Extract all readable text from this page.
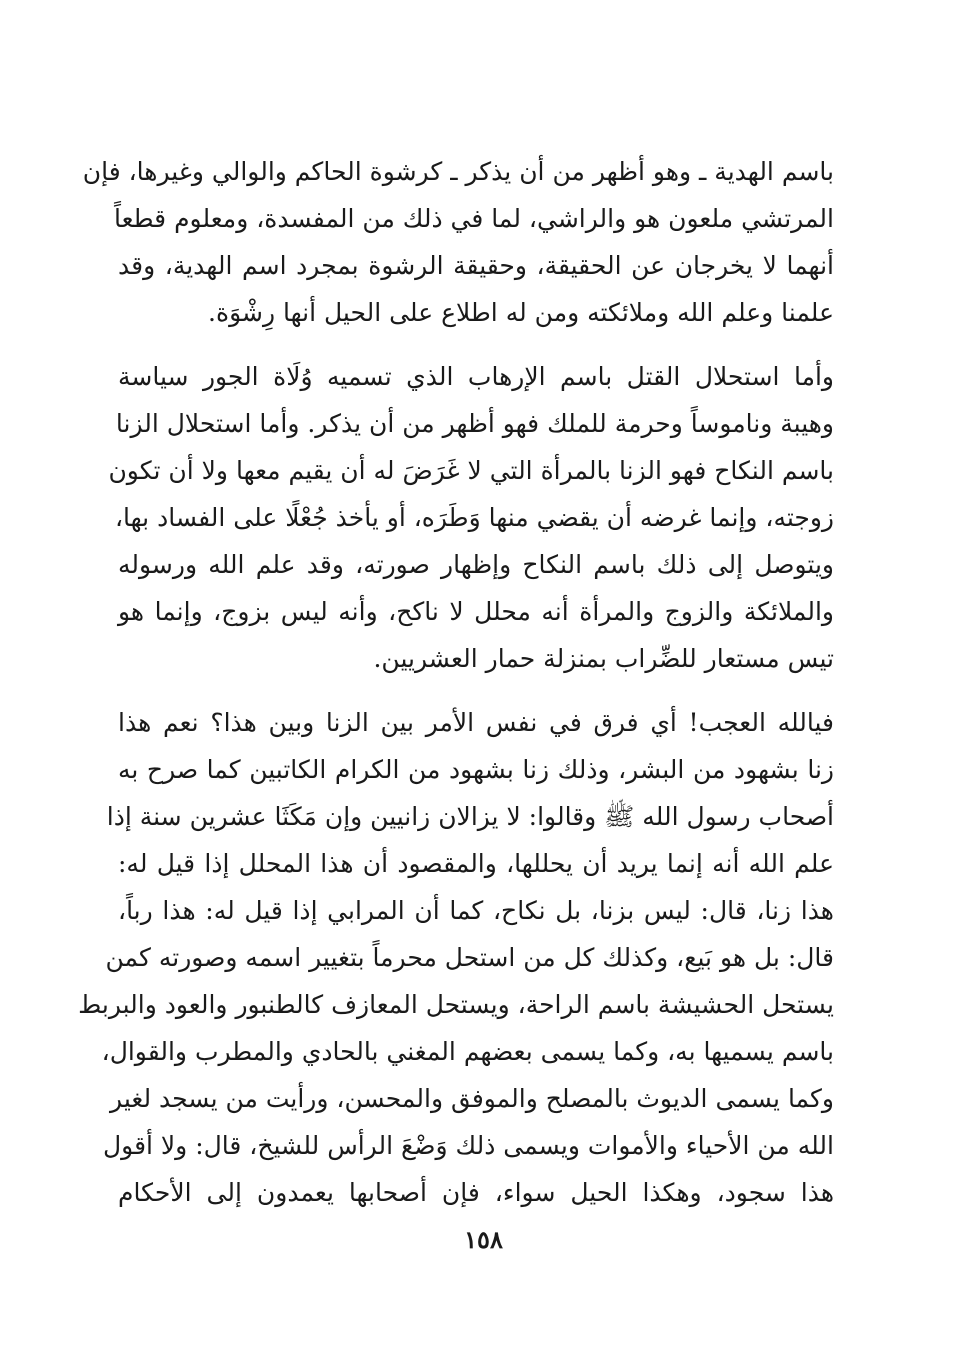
باسم الهدية ـ وهو أظهر من أن يذكر ـ كرشوة الحاكم والوالي وغيرها، فإن
المرتشي ملعون هو والراشي، لما في ذلك من المفسدة، ومعلوم قطعاً
أنهما لا يخرجان عن الحقيقة، وحقيقة الرشوة بمجرد اسم الهدية، وقد
علمنا وعلم الله وملائكته ومن له اطلاع على الحيل أنها رِشْوَة.
وأما استحلال القتل باسم الإرهاب الذي تسميه وُلَاة الجور سياسة
وهيبة وناموساً وحرمة للملك فهو أظهر من أن يذكر. وأما استحلال الزنا
باسم النكاح فهو الزنا بالمرأة التي لا غَرَضَ له أن يقيم معها ولا أن تكون
زوجته، وإنما غرضه أن يقضي منها وَطَرَه، أو يأخذ جُعْلًا على الفساد بها،
ويتوصل إلى ذلك باسم النكاح وإظهار صورته، وقد علم الله ورسوله
والملائكة والزوج والمرأة أنه محلل لا ناكح، وأنه ليس بزوج، وإنما هو
تيس مستعار للضِّراب بمنزلة حمار العشريين.
فيالله العجب! أي فرق في نفس الأمر بين الزنا وبين هذا؟ نعم هذا
زنا بشهود من البشر، وذلك زنا بشهود من الكرام الكاتبين كما صرح به
أصحاب رسول الله ﷺ وقالوا: لا يزالان زانيين وإن مَكَثَا عشرين سنة إذا
علم الله أنه إنما يريد أن يحللها، والمقصود أن هذا المحلل إذا قيل له:
هذا زنا، قال: ليس بزنا، بل نكاح، كما أن المرابي إذا قيل له: هذا رباً،
قال: بل هو بَيع، وكذلك كل من استحل محرماً بتغيير اسمه وصورته كمن
يستحل الحشيشة باسم الراحة، ويستحل المعازف كالطنبور والعود والبربط
باسم يسميها به، وكما يسمى بعضهم المغني بالحادي والمطرب والقوال،
وكما يسمى الديوث بالمصلح والموفق والمحسن، ورأيت من يسجد لغير
الله من الأحياء والأموات ويسمى ذلك وَضْعَ الرأس للشيخ، قال: ولا أقول
هذا سجود، وهكذا الحيل سواء، فإن أصحابها يعمدون إلى الأحكام
١٥٨
